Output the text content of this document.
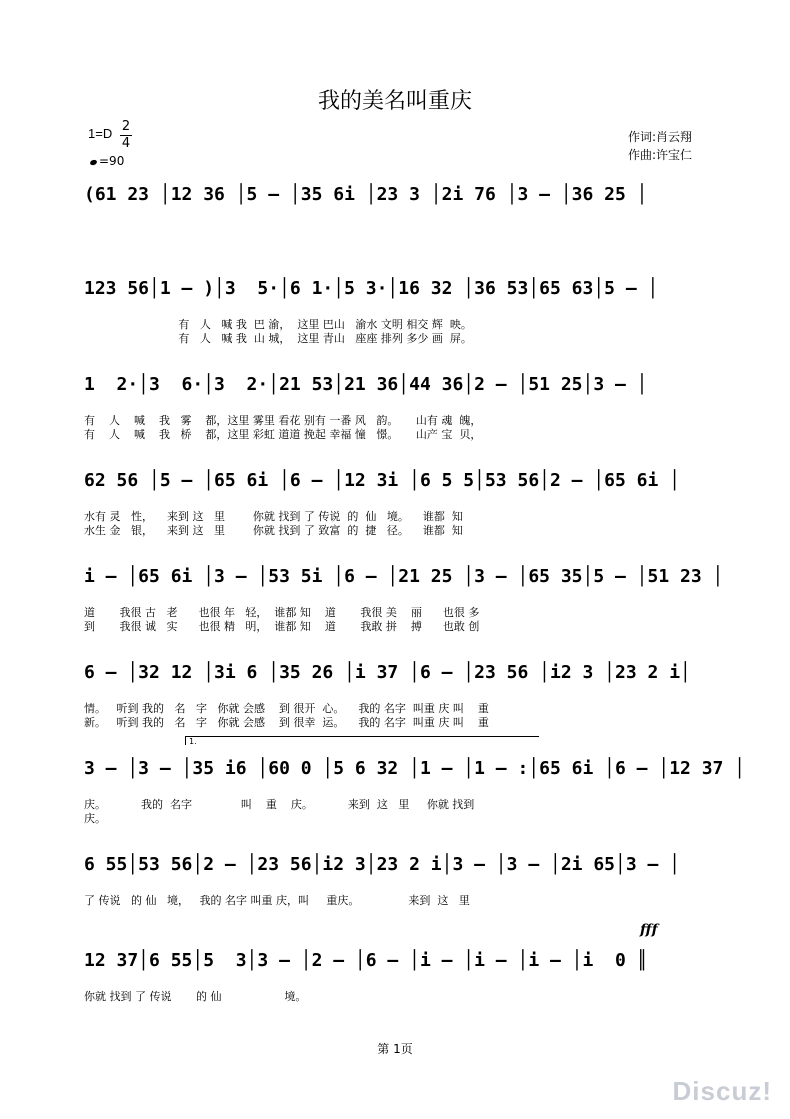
我的美名叫重庆
1=D 2
4
=90
作词:肖云翔
作曲:许宝仁
(61 23 │12 36 │5 – │35 6i │23 3 │2i 76 │3 – │36 25 │
123 56│1 – )│3  5·│6 1·│5 3·│16 32 │36 53│65 63│5 – │
有   人   喊 我  巴 渝，  这里 巴山   渝水 文明 相交 辉  映。
有   人   喊 我  山 城，  这里 青山   座座 排列 多少 画  屏。
1  2·│3  6·│3  2·│21 53│21 36│44 36│2 – │51 25│3 – │
有    人    喊    我   雾    都，这里 雾里 看花 别有 一番 风   韵。     山有 魂  魄，
有    人    喊    我   桥    都，这里 彩虹 道道 挽起 幸福 憧   憬。     山产 宝  贝，
62 56 │5 – │65 6i │6 – │12 3i │6 5 5│53 56│2 – │65 6i │
水有 灵   性，    来到 这   里        你就 找到 了 传说  的  仙   境。    谁都  知
水生 金   银，    来到 这   里        你就 找到 了 致富  的  捷   径。    谁都  知
i – │65 6i │3 – │53 5i │6 – │21 25 │3 – │65 35│5 – │51 23 │
道       我很 古   老      也很 年   轻，  谁都 知    道       我很 美    丽      也很 多
到       我很 诚   实      也很 精   明，  谁都 知    道       我敢 拼    搏      也敢 创
6 – │32 12 │3i 6 │35 26 │i 37 │6 – │23 56 │i2 3 │23 2 i│
情。   听到 我的   名   字   你就 会感    到 很开  心。    我的 名字  叫重 庆 叫    重
新。   听到 我的   名   字   你就 会感    到 很幸  运。    我的 名字  叫重 庆 叫    重
1.
3 – │3 – │35 i6 │60 0 │5 6 32 │1 – │1 – :│65 6i │6 – │12 37 │
庆。          我的  名字              叫    重    庆。          来到  这   里     你就 找到
庆。
6 55│53 56│2 – │23 56│i2 3│23 2 i│3 – │3 – │2i 65│3 – │
了 传说   的 仙   境，   我的 名字 叫重 庆，叫     重庆。              来到  这   里
fff
12 37│6 55│5  3│3 – │2 – │6 – │i – │i – │i – │i  0 ║
你就 找到 了 传说       的 仙                  境。
第 1页
Discuz!
